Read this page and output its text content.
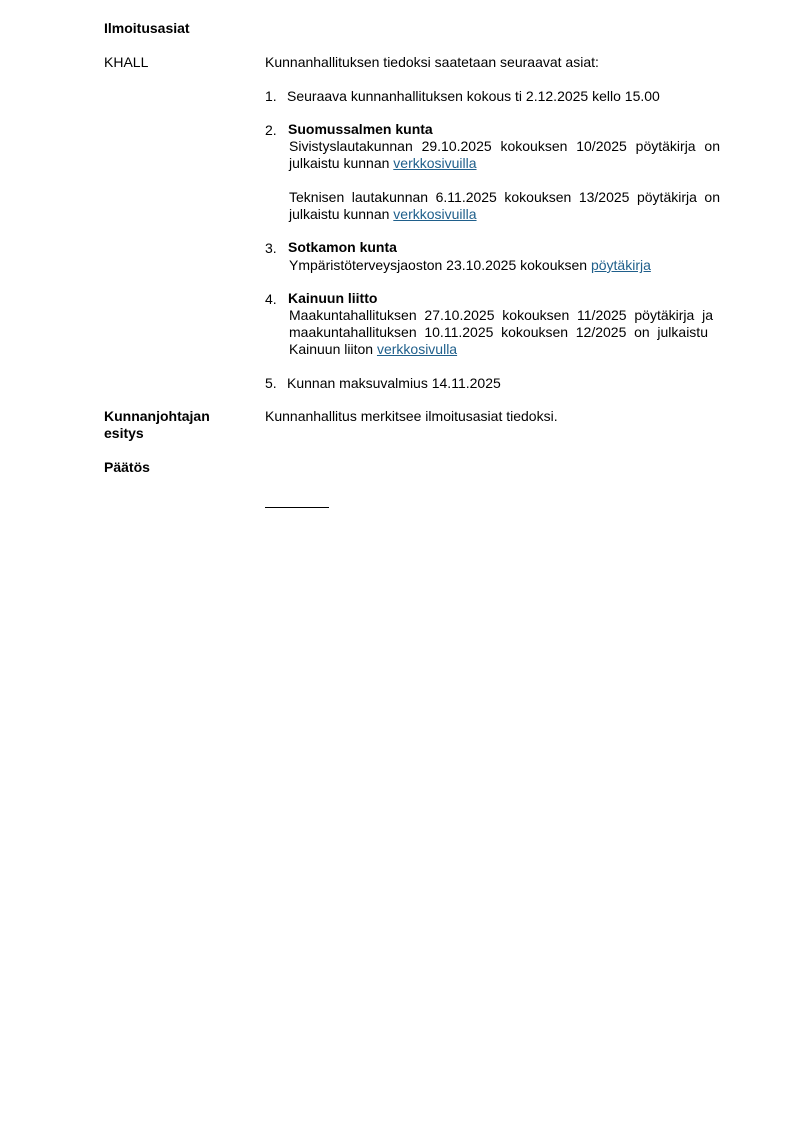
Ilmoitusasiat
KHALL	Kunnanhallituksen tiedoksi saatetaan seuraavat asiat:
1. Seuraava kunnanhallituksen kokous ti 2.12.2025 kello 15.00
2. Suomussalmen kunta
Sivistyslautakunnan 29.10.2025 kokouksen 10/2025 pöytäkirja on
julkaistu kunnan verkkosivuilla
Teknisen lautakunnan 6.11.2025 kokouksen 13/2025 pöytäkirja on
julkaistu kunnan verkkosivuilla
3. Sotkamon kunta
Ympäristöterveysjaoston 23.10.2025 kokouksen pöytäkirja
4. Kainuun liitto
Maakuntahallituksen 27.10.2025 kokouksen 11/2025 pöytäkirja ja
maakuntahallituksen 10.11.2025 kokouksen 12/2025 on julkaistu
Kainuun liiton verkkosivulla
5. Kunnan maksuvalmius 14.11.2025
Kunnanjohtajan
esitys
Kunnanhallitus merkitsee ilmoitusasiat tiedoksi.
Päätös
